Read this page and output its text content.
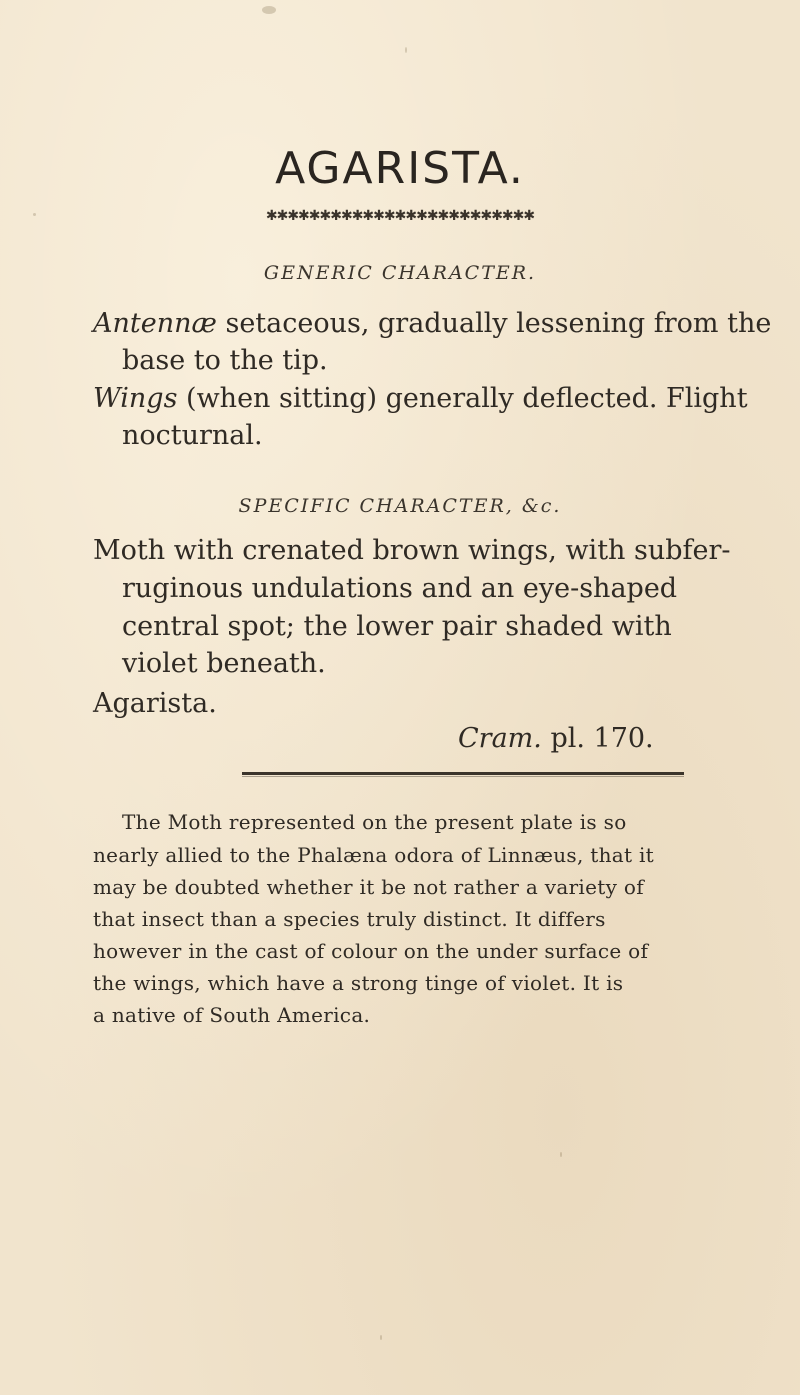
AGARISTA.
✱✱✱✱✱✱✱✱✱✱✱✱✱✱✱✱✱✱✱✱✱✱✱✱✱
GENERIC CHARACTER.
Antennæ setaceous, gradually lessening from the
base to the tip.
Wings (when sitting) generally deflected. Flight
nocturnal.
SPECIFIC CHARACTER, &c.
Moth with crenated brown wings, with subfer-
ruginous undulations and an eye-shaped
central spot; the lower pair shaded with
violet beneath.
Agarista.
Cram. pl. 170.
The Moth represented on the present plate is so
nearly allied to the Phalæna odora of Linnæus, that it
may be doubted whether it be not rather a variety of
that insect than a species truly distinct. It differs
however in the cast of colour on the under surface of
the wings, which have a strong tinge of violet. It is
a native of South America.
